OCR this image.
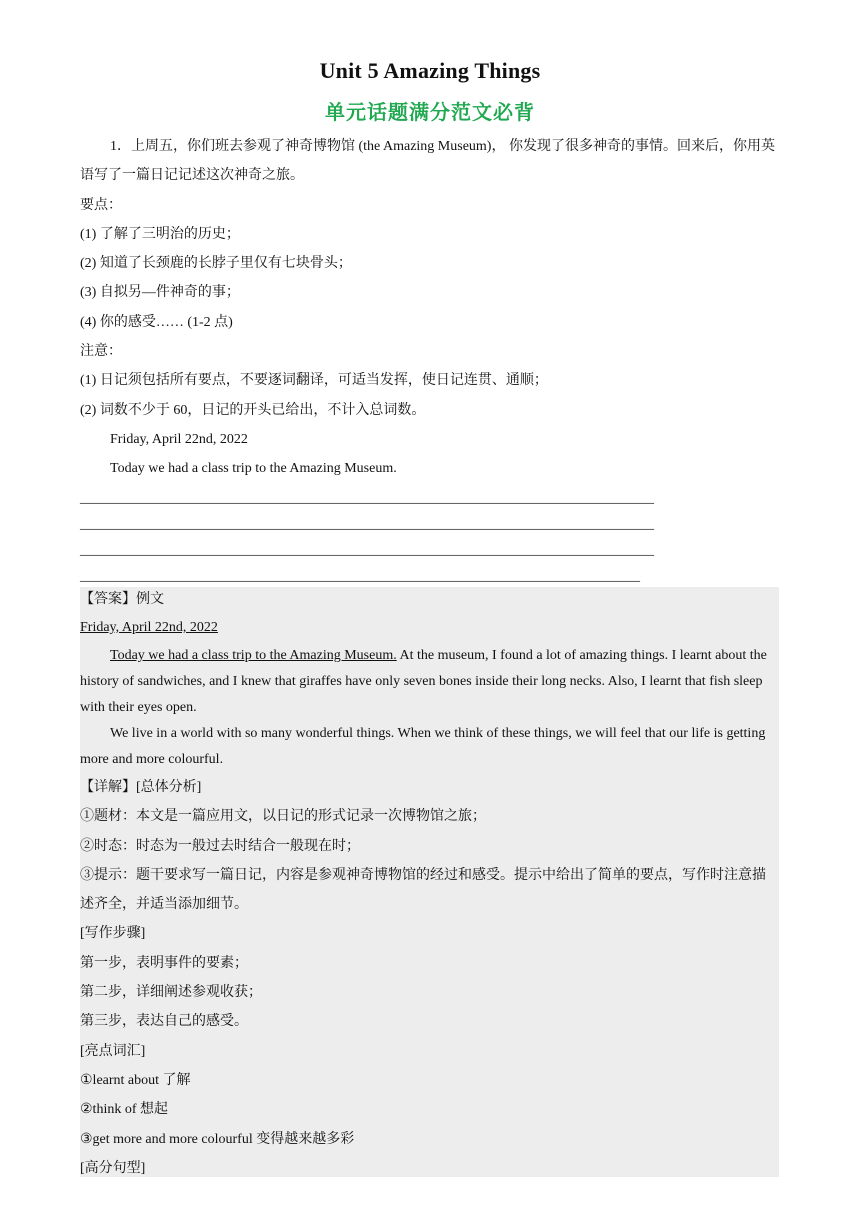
Unit 5 Amazing Things
单元话题满分范文必背

1．上周五，你们班去参观了神奇博物馆 (the Amazing Museum)， 你发现了很多神奇的事情。回来后，你用英语写了一篇日记记述这次神奇之旅。

要点：

(1) 了解了三明治的历史；

(2) 知道了长颈鹿的长脖子里仅有七块骨头；

(3) 自拟另—件神奇的事；

(4) 你的感受…… (1-2 点)

注意：

(1) 日记须包括所有要点，不要逐词翻译，可适当发挥，使日记连贯、通顺；

(2) 词数不少于 60，日记的开头已给出，不计入总词数。

Friday, April 22nd, 2022

Today we had a class trip to the Amazing Museum.

__________________________________________________________________________________

__________________________________________________________________________________

__________________________________________________________________________________

________________________________________________________________________________

【答案】例文

Friday, April 22nd, 2022

Today we had a class trip to the Amazing Museum. At the museum, I found a lot of amazing things. I learnt about the history of sandwiches, and I knew that giraffes have only seven bones inside their long necks. Also, I learnt that fish sleep with their eyes open.

We live in a world with so many wonderful things. When we think of these things, we will feel that our life is getting more and more colourful.

【详解】[总体分析]

①题材：本文是一篇应用文，以日记的形式记录一次博物馆之旅；

②时态：时态为一般过去时结合一般现在时；

③提示：题干要求写一篇日记，内容是参观神奇博物馆的经过和感受。提示中给出了简单的要点，写作时注意描述齐全，并适当添加细节。

[写作步骤]

第一步，表明事件的要素；

第二步，详细阐述参观收获；

第三步，表达自己的感受。

[亮点词汇]

①learnt about 了解

②think of 想起

③get more and more colourful 变得越来越多彩

[高分句型]
